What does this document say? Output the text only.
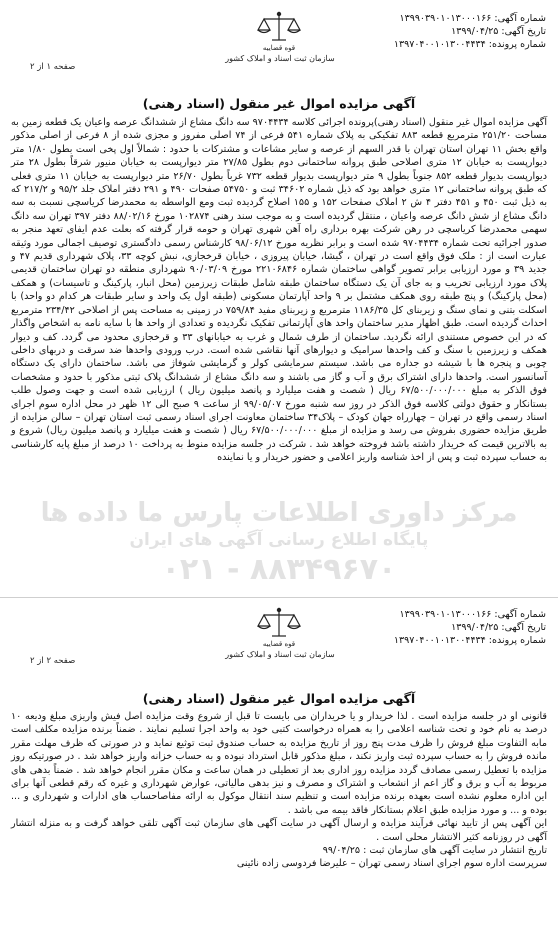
شماره آگهی: ۱۳۹۹۰۳۹۰۱۰۱۳۰۰۰۱۶۶
تاریخ آگهی: ۱۳۹۹/۰۴/۲۵
شماره پرونده: ۱۳۹۷۰۴۰۰۱۰۱۳۰۰۴۴۳۴
قوه قضاییه
سازمان ثبت اسناد و املاک کشور
صفحه ۱ از ۲
آگهی مزایده اموال غیر منقول (اسناد رهنی)

آگهی مزایده اموال غیر منقول (اسناد رهنی)پرونده اجرائی کلاسه ۹۷۰۴۴۳۴ سه دانگ مشاع از ششدانگ عرصه واعیان یک قطعه زمین به مساحت ۲۵۱/۲۰ مترمربع قطعه ۸۸۳ تفکیکی به پلاک شماره ۵۴۱ فرعی از ۷۴ اصلی مفروز و مجزی شده از ۸ فرعی از اصلی مذکور واقع بخش ۱۱ تهران استان تهران با قدر السهم از عرصه و سایر مشاعات و مشترکات با حدود : شمالاً اول پخی است بطول ۱/۸۰ متر دیوارپست به خیابان ۱۲ متری اصلاحی طبق پروانه ساختمانی دوم بطول ۲۷/۸۵ متر دیوارپست به خیابان منیور شرقاً بطول ۲۸ متر دیوارپست بدیوار قطعه ۸۵۲ جنوباً بطول ۹ متر دیوارپست بدیوار قطعه ۷۳۲ غرباً بطول ۲۶/۷۰ متر دیوارپست به خیابان ۱۱ متری فعلی که طبق پروانه ساختمانی ۱۲ متری خواهد بود که ذیل شماره ۳۴۶۰۲ ثبت و ۵۴۷۵۰ صفحات ۴۹۰ و ۲۹۱ دفتر املاک جلد ۹۵/۲ و ۲۱۷/۲ که به ذیل ثبت ۴۵۰ و ۴۵۱ دفتر ۴ ش ۲ املاک صفحات ۱۵۲ و ۱۵۵ اصلاح گردیده ثبت ومع الواسطه به محمدرضا کریاسچی نسبت به سه دانگ مشاع از شش دانگ عرصه واعیان ، منتقل گردیده است و به موجب سند رهنی ۱۰۲۸۷۴ مورخ ۸۸/۰۲/۱۶ دفتر ۳۹۷ تهران سه دانگ سهمی محمدرضا کریاسچی در رهن شرکت بهره برداری راه آهن شهری تهران و حومه قرار گرفته که بعلت عدم ایفای تعهد منجر به صدور اجرائیه تحت شماره ۹۷۰۴۴۳۴ شده است و برابر نظریه مورخ ۹۸/۰۶/۱۲ کارشناس رسمی دادگستری توصیف اجمالی مورد وثیقه عبارت است از : ملک فوق واقع است در تهران ، گیشا، خیابان پیروزی ، خیابان قرخجازی، نبش کوچه ۳۳، پلاک شهرداری قدیم ۴۷ و جدید ۳۹ و مورد ارزیابی برابر تصویر گواهی ساختمان شماره ۲۲۱۰۶۸۴۶ مورخ ۹۰/۰۳/۰۹ شهرداری منطقه دو تهران ساختمان قدیمی پلاک مورد ارزیابی تخریب و به جای آن یک دستگاه ساختمان طبقه شامل طبقات زیرزمین (محل انبار، پارکینگ و تاسیسات) و همکف (محل پارکینگ) و پنج طبقه روی همکف مشتمل بر ۹ واحد آپارتمان مسکونی (طبقه اول یک واحد و سایر طبقات هر کدام دو واحد) با اسکلت بتنی و نمای سنگ و زیربنای کل ۱۱۸۶/۳۵ مترمربع و زیربنای مفید ۷۵۹/۸۴ در زمینی به مساحت پس از اصلاحی ۲۳۴/۴۲ مترمربع احداث گردیده است. طبق اظهار مدیر ساختمان واحد های آپارتمانی تفکیک نگردیده و تعدادی از واحد ها با سایه نامه به اشخاص واگذار که در این خصوص مستندی ارائه نگردید. ساختمان از طرف شمال و غرب به خیابانهای ۳۳ و قرخجازی محدود می گردد. کف و دیوار همکف و زیرزمین با سنگ و کف واحدها سرامیک و دیوارهای آنها نقاشی شده است. درب ورودی واحدها ضد سرقت و دربهای داخلی چوبی و پنجره ها با شیشه دو جداره می باشد. سیستم سرمایشی کولر و گرمایشی شوفاژ می باشد. ساختمان دارای یک دستگاه آسانسور است. واحدها دارای اشتراک برق و آب و گاز می باشند و سه دانگ مشاع از ششدانگ پلاک ثبتی مذکور با حدود و مشخصات فوق الذکر به مبلغ ۶۷/۵۰۰/۰۰۰/۰۰۰ ریال ( شصت و هفت میلیارد و پانصد میلیون ریال ) ارزیابی شده است و جهت وصول طلب بستانکار و حقوق دولتی کلاسه فوق الذکر در روز سه شنبه مورخ ۹۹/۰۵/۰۷ از ساعت ۹ صبح الی ۱۲ ظهر در محل اداره سوم اجرای اسناد رسمی واقع در تهران – چهارراه جهان کودک – پلاک۳۴ ساختمان معاونت اجرای اسناد رسمی ثبت استان تهران – سالن مزایده از طریق مزایده حضوری بفروش می رسد و مزایده از مبلغ ۶۷/۵۰۰/۰۰۰/۰۰۰ ریال ( شصت و هفت میلیارد و پانصد میلیون ریال) شروع و به بالاترین قیمت که خریدار داشته باشد فروخته خواهد شد . شرکت در جلسه مزایده منوط به پرداخت ۱۰ درصد از مبلغ پایه کارشناسی به حساب سپرده ثبت و پس از اخذ شناسه واریز اعلامی و حضور خریدار و یا نماینده

مرکز داوری اطلاعات پارس ما داده ها
پایگاه اطلاع رسانی آگهی های ایران
۰۲۱ - ۸۸۳۴۹۶۷۰
شماره آگهی: ۱۳۹۹۰۳۹۰۱۰۱۳۰۰۰۱۶۶
تاریخ آگهی: ۱۳۹۹/۰۴/۲۵
شماره پرونده: ۱۳۹۷۰۴۰۰۱۰۱۳۰۰۴۴۳۴
قوه قضاییه
سازمان ثبت اسناد و املاک کشور
صفحه ۲ از ۲
آگهی مزایده اموال غیر منقول (اسناد رهنی)

قانونی او در جلسه مزایده است . لذا خریدار و یا خریداران می بایست تا قبل از شروع وقت مزایده اصل فیش واریزی مبلغ ودیعه ۱۰ درصد به نام خود و تحت شناسه اعلامی را به همراه درخواست کتبی خود به واحد اجرا تسلیم نمایند . ضمناً برنده مزایده مکلف است مابه التفاوت مبلغ فروش را ظرف مدت پنج روز از تاریخ مزایده به حساب صندوق ثبت توثیع نماید و در صورتی که ظرف مهلت مقرر مانده فروش را به حساب سپرده ثبت واریز نکند ، مبلغ مذکور قابل استرداد نبوده و به حساب خزانه واریز خواهد شد . در صورتیکه روز مزایده با تعطیل رسمی مصادف گردد مزایده روز اداری بعد از تعطیلی در همان ساعت و مکان مقرر انجام خواهد شد . ضمناً بدهی های مربوط به آب و برق و گاز اعم از انشعاب و اشتراک و مصرف و نیز بدهی مالیاتی، عوارض شهرداری و غیره که رقم قطعی آنها برای این اداره معلوم نشده است بعهده برنده مزایده است و تنظیم سند انتقال موکول به ارائه مفاصاحساب های ادارات و شهرداری و ... بوده و ... و مورد مزایده طبق اعلام بستانکار فاقد بیمه می باشد .

این آگهی پس از تایید نهائی فرآیند مزایده و ارسال آگهی در سایت آگهی های سازمان ثبت آگهی تلقی خواهد گرفت و به منزله انتشار آگهی در روزنامه کثیر الانتشار محلی است .

تاریخ انتشار در سایت آگهی های سازمان ثبت : ۹۹/۰۴/۲۵

سرپرست اداره سوم اجرای اسناد رسمی تهران – علیرضا فردوسی زاده نائینی
